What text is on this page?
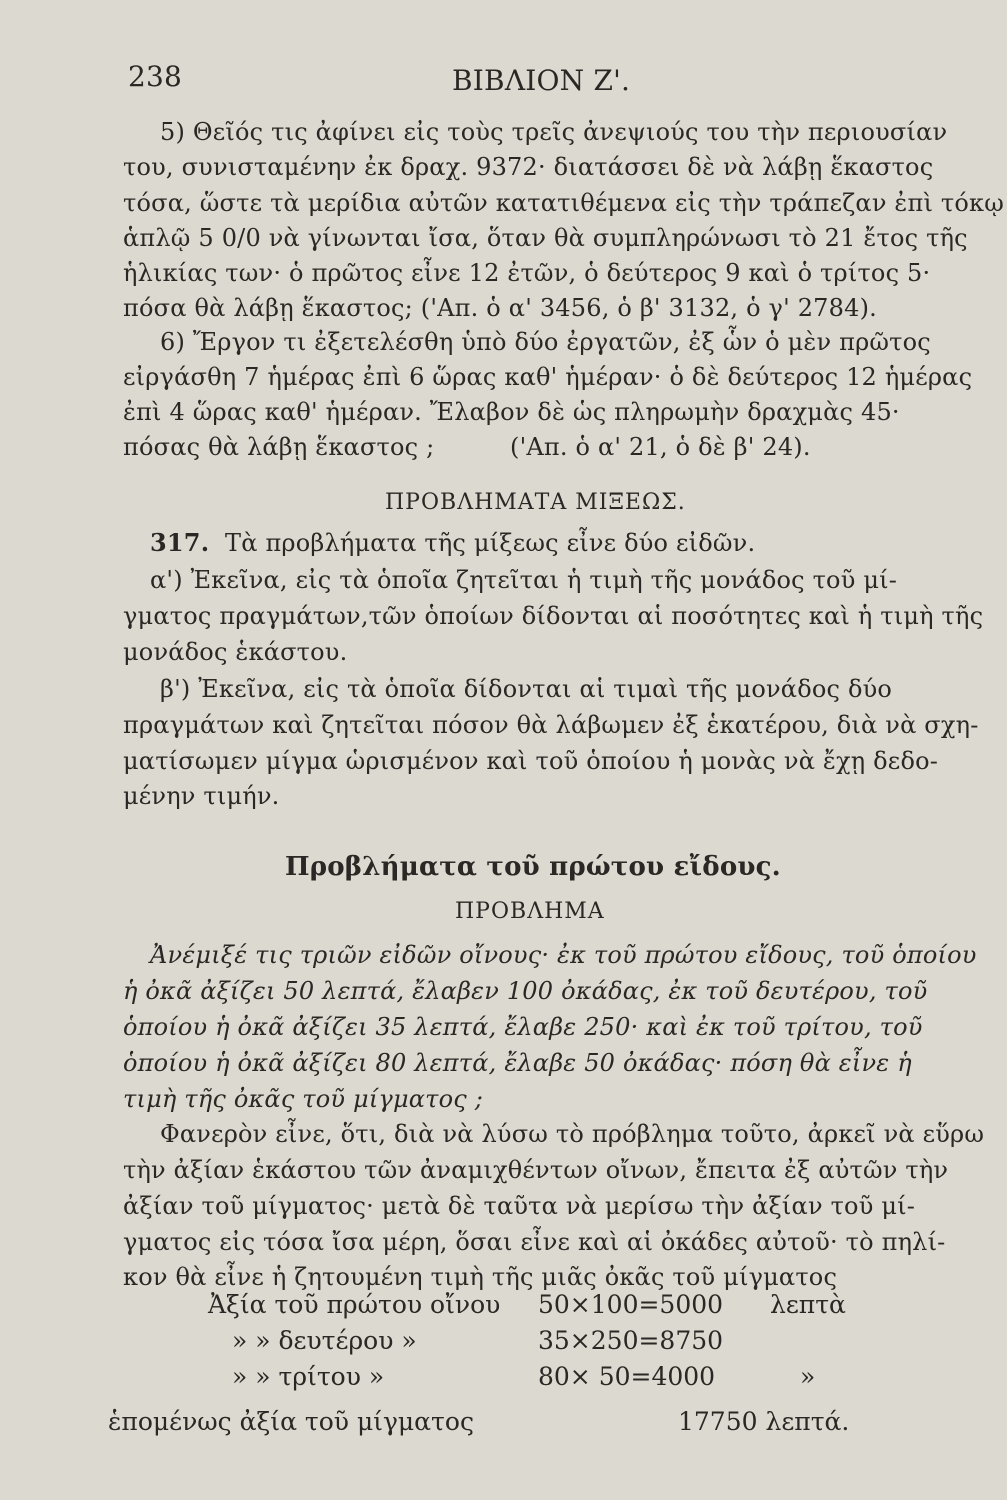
238	ΒΙΒΛΙΟΝ Ζ'.
5) Θεῖός τις ἀφίνει εἰς τοὺς τρεῖς ἀνεψιούς του τὴν περιουσίαν
του, συνισταμένην ἐκ δραχ. 9372· διατάσσει δὲ νὰ λάβῃ ἕκαστος
τόσα, ὥστε τὰ μερίδια αὐτῶν κατατιθέμενα εἰς τὴν τράπεζαν ἐπὶ τόκῳ
ἁπλῷ 5 0/0 νὰ γίνωνται ἴσα, ὅταν θὰ συμπληρώνωσι τὸ 21 ἔτος τῆς
ἡλικίας των· ὁ πρῶτος εἶνε 12 ἐτῶν, ὁ δεύτερος 9 καὶ ὁ τρίτος 5·
πόσα θὰ λάβῃ ἕκαστος; ('Απ. ὁ α' 3456, ὁ β' 3132, ὁ γ' 2784).
6) Ἔργον τι ἐξετελέσθη ὑπὸ δύο ἐργατῶν, ἐξ ὧν ὁ μὲν πρῶτος
εἰργάσθη 7 ἡμέρας ἐπὶ 6 ὥρας καθ' ἡμέραν· ὁ δὲ δεύτερος 12 ἡμέρας
ἐπὶ 4 ὥρας καθ' ἡμέραν. Ἔλαβον δὲ ὡς πληρωμὴν δραχμὰς 45·
πόσας θὰ λάβῃ ἕκαστος ;	('Απ. ὁ α' 21, ὁ δὲ β' 24).
ΠΡΟΒΛΗΜΑΤΑ ΜΙΞΕΩΣ.
317. Τὰ προβλήματα τῆς μίξεως εἶνε δύο εἰδῶν.
α') Ἐκεῖνα, εἰς τὰ ὁποῖα ζητεῖται ἡ τιμὴ τῆς μονάδος τοῦ μί-
γματος πραγμάτων,τῶν ὁποίων δίδονται αἱ ποσότητες καὶ ἡ τιμὴ τῆς
μονάδος ἑκάστου.
β') Ἐκεῖνα, εἰς τὰ ὁποῖα δίδονται αἱ τιμαὶ τῆς μονάδος δύο
πραγμάτων καὶ ζητεῖται πόσον θὰ λάβωμεν ἐξ ἑκατέρου, διὰ νὰ σχη-
ματίσωμεν μίγμα ὡρισμένον καὶ τοῦ ὁποίου ἡ μονὰς νὰ ἔχῃ δεδο-
μένην τιμήν.
Προβλήματα τοῦ πρώτου εἴδους.
ΠΡΟΒΛΗΜΑ
Ἀνέμιξέ τις τριῶν εἰδῶν οἴνους· ἐκ τοῦ πρώτου εἴδους, τοῦ ὁποίου
ἡ ὀκᾶ ἀξίζει 50 λεπτά, ἔλαβεν 100 ὀκάδας, ἐκ τοῦ δευτέρου, τοῦ
ὁποίου ἡ ὀκᾶ ἀξίζει 35 λεπτά, ἔλαβε 250· καὶ ἐκ τοῦ τρίτου, τοῦ
ὁποίου ἡ ὀκᾶ ἀξίζει 80 λεπτά, ἔλαβε 50 ὀκάδας· πόση θὰ εἶνε ἡ
τιμὴ τῆς ὀκᾶς τοῦ μίγματος ;
Φανερὸν εἶνε, ὅτι, διὰ νὰ λύσω τὸ πρόβλημα τοῦτο, ἀρκεῖ νὰ εὕρω
τὴν ἀξίαν ἑκάστου τῶν ἀναμιχθέντων οἴνων, ἔπειτα ἐξ αὐτῶν τὴν
ἀξίαν τοῦ μίγματος· μετὰ δὲ ταῦτα νὰ μερίσω τὴν ἀξίαν τοῦ μί-
γματος εἰς τόσα ἴσα μέρη, ὅσαι εἶνε καὶ αἱ ὀκάδες αὐτοῦ· τὸ πηλί-
κον θὰ εἶνε ἡ ζητουμένη τιμὴ τῆς μιᾶς ὀκᾶς τοῦ μίγματος
Ἀξία τοῦ πρώτου οἴνου 50×100=5000 λεπτὰ
» » δευτέρου »	35×250=8750
» » τρίτου »	80× 50=4000	»
ἑπομένως ἀξία τοῦ μίγματος	17750 λεπτά.
